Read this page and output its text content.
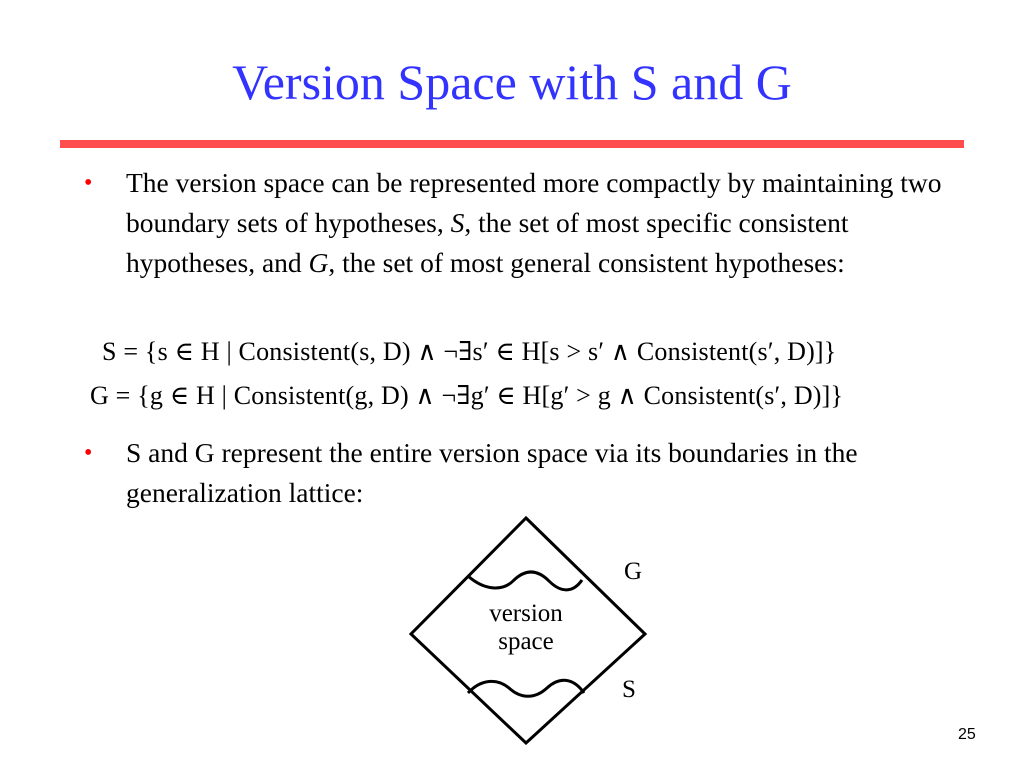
Version Space with S and G
• The version space can be represented more compactly by maintaining two boundary sets of hypotheses, S, the set of most specific consistent hypotheses, and G, the set of most general consistent hypotheses:
S = {s ∈ H | Consistent(s, D) ∧ ¬∃s′ ∈ H[s > s′ ∧ Consistent(s′, D)]}
G = {g ∈ H | Consistent(g, D) ∧ ¬∃g′ ∈ H[g′ > g ∧ Consistent(s′, D)]}
• S and G represent the entire version space via its boundaries in the generalization lattice:
G
S
version
space
25
